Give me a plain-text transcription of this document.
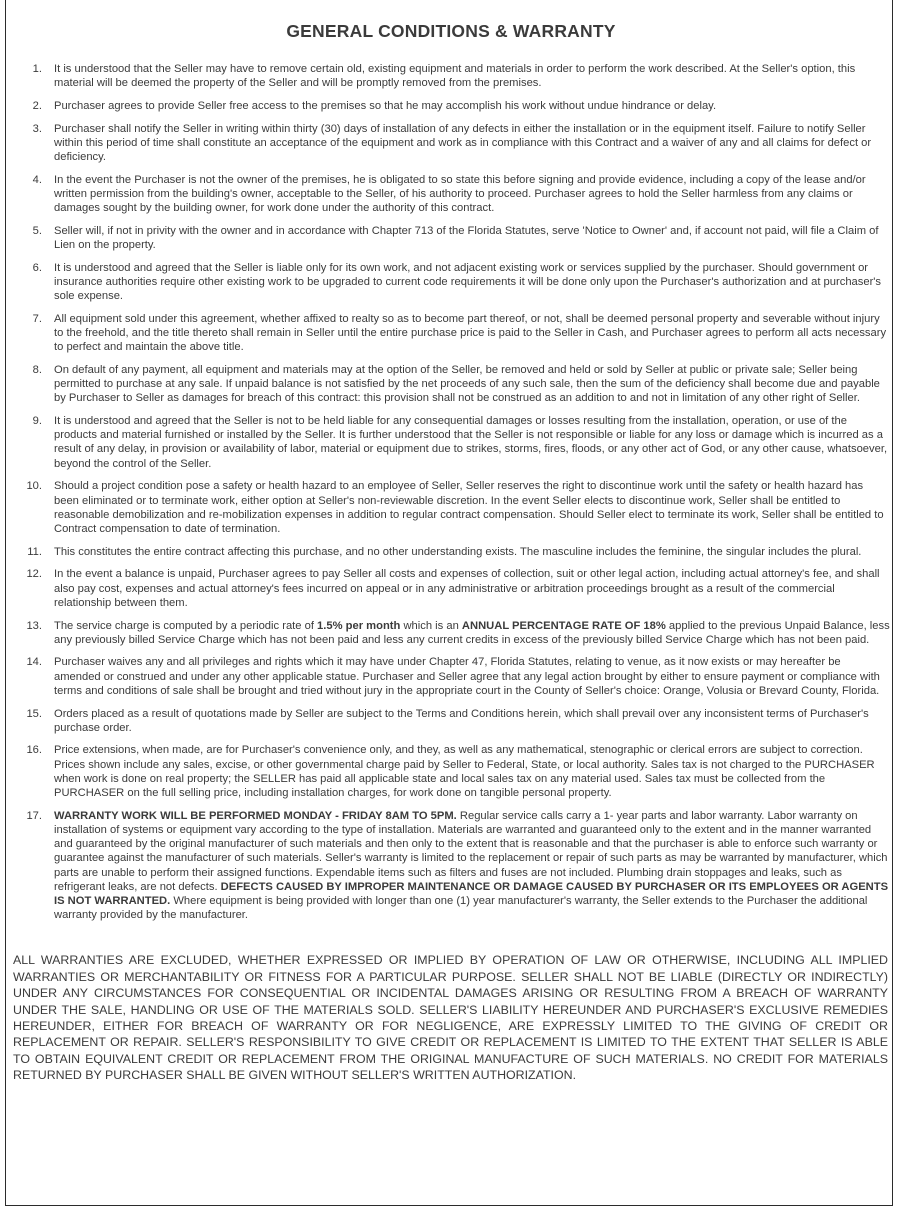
GENERAL CONDITIONS & WARRANTY
1.	It is understood that the Seller may have to remove certain old, existing equipment and materials in order to perform the work described. At the Seller's option, this material will be deemed the property of the Seller and will be promptly removed from the premises.
2.	Purchaser agrees to provide Seller free access to the premises so that he may accomplish his work without undue hindrance or delay.
3.	Purchaser shall notify the Seller in writing within thirty (30) days of installation of any defects in either the installation or in the equipment itself. Failure to notify Seller within this period of time shall constitute an acceptance of the equipment and work as in compliance with this Contract and a waiver of any and all claims for defect or deficiency.
4.	In the event the Purchaser is not the owner of the premises, he is obligated to so state this before signing and provide evidence, including a copy of the lease and/or written permission from the building's owner, acceptable to the Seller, of his authority to proceed. Purchaser agrees to hold the Seller harmless from any claims or damages sought by the building owner, for work done under the authority of this contract.
5.	Seller will, if not in privity with the owner and in accordance with Chapter 713 of the Florida Statutes, serve 'Notice to Owner' and, if account not paid, will file a Claim of Lien on the property.
6.	It is understood and agreed that the Seller is liable only for its own work, and not adjacent existing work or services supplied by the purchaser. Should government or insurance authorities require other existing work to be upgraded to current code requirements it will be done only upon the Purchaser's authorization and at purchaser's sole expense.
7.	All equipment sold under this agreement, whether affixed to realty so as to become part thereof, or not, shall be deemed personal property and severable without injury to the freehold, and the title thereto shall remain in Seller until the entire purchase price is paid to the Seller in Cash, and Purchaser agrees to perform all acts necessary to perfect and maintain the above title.
8.	On default of any payment, all equipment and materials may at the option of the Seller, be removed and held or sold by Seller at public or private sale; Seller being permitted to purchase at any sale. If unpaid balance is not satisfied by the net proceeds of any such sale, then the sum of the deficiency shall become due and payable by Purchaser to Seller as damages for breach of this contract: this provision shall not be construed as an addition to and not in limitation of any other right of Seller.
9.	It is understood and agreed that the Seller is not to be held liable for any consequential damages or losses resulting from the installation, operation, or use of the products and material furnished or installed by the Seller. It is further understood that the Seller is not responsible or liable for any loss or damage which is incurred as a result of any delay, in provision or availability of labor, material or equipment due to strikes, storms, fires, floods, or any other act of God, or any other cause, whatsoever, beyond the control of the Seller.
10.	Should a project condition pose a safety or health hazard to an employee of Seller, Seller reserves the right to discontinue work until the safety or health hazard has been eliminated or to terminate work, either option at Seller's non-reviewable discretion. In the event Seller elects to discontinue work, Seller shall be entitled to reasonable demobilization and re-mobilization expenses in addition to regular contract compensation. Should Seller elect to terminate its work, Seller shall be entitled to Contract compensation to date of termination.
11.	This constitutes the entire contract affecting this purchase, and no other understanding exists. The masculine includes the feminine, the singular includes the plural.
12.	In the event a balance is unpaid, Purchaser agrees to pay Seller all costs and expenses of collection, suit or other legal action, including actual attorney's fee, and shall also pay cost, expenses and actual attorney's fees incurred on appeal or in any administrative or arbitration proceedings brought as a result of the commercial relationship between them.
13.	The service charge is computed by a periodic rate of 1.5% per month which is an ANNUAL PERCENTAGE RATE OF 18% applied to the previous Unpaid Balance, less any previously billed Service Charge which has not been paid and less any current credits in excess of the previously billed Service Charge which has not been paid.
14.	Purchaser waives any and all privileges and rights which it may have under Chapter 47, Florida Statutes, relating to venue, as it now exists or may hereafter be amended or construed and under any other applicable statue. Purchaser and Seller agree that any legal action brought by either to ensure payment or compliance with terms and conditions of sale shall be brought and tried without jury in the appropriate court in the County of Seller's choice: Orange, Volusia or Brevard County, Florida.
15.	Orders placed as a result of quotations made by Seller are subject to the Terms and Conditions herein, which shall prevail over any inconsistent terms of Purchaser's purchase order.
16.	Price extensions, when made, are for Purchaser's convenience only, and they, as well as any mathematical, stenographic or clerical errors are subject to correction. Prices shown include any sales, excise, or other governmental charge paid by Seller to Federal, State, or local authority. Sales tax is not charged to the PURCHASER when work is done on real property; the SELLER has paid all applicable state and local sales tax on any material used. Sales tax must be collected from the PURCHASER on the full selling price, including installation charges, for work done on tangible personal property.
17.	WARRANTY WORK WILL BE PERFORMED MONDAY - FRIDAY 8AM TO 5PM. Regular service calls carry a 1- year parts and labor warranty. Labor warranty on installation of systems or equipment vary according to the type of installation. Materials are warranted and guaranteed only to the extent and in the manner warranted and guaranteed by the original manufacturer of such materials and then only to the extent that is reasonable and that the purchaser is able to enforce such warranty or guarantee against the manufacturer of such materials. Seller's warranty is limited to the replacement or repair of such parts as may be warranted by manufacturer, which parts are unable to perform their assigned functions. Expendable items such as filters and fuses are not included. Plumbing drain stoppages and leaks, such as refrigerant leaks, are not defects. DEFECTS CAUSED BY IMPROPER MAINTENANCE OR DAMAGE CAUSED BY PURCHASER OR ITS EMPLOYEES OR AGENTS IS NOT WARRANTED. Where equipment is being provided with longer than one (1) year manufacturer's warranty, the Seller extends to the Purchaser the additional warranty provided by the manufacturer.

ALL WARRANTIES ARE EXCLUDED, WHETHER EXPRESSED OR IMPLIED BY OPERATION OF LAW OR OTHERWISE, INCLUDING ALL IMPLIED WARRANTIES OR MERCHANTABILITY OR FITNESS FOR A PARTICULAR PURPOSE. SELLER SHALL NOT BE LIABLE (DIRECTLY OR INDIRECTLY) UNDER ANY CIRCUMSTANCES FOR CONSEQUENTIAL OR INCIDENTAL DAMAGES ARISING OR RESULTING FROM A BREACH OF WARRANTY UNDER THE SALE, HANDLING OR USE OF THE MATERIALS SOLD. SELLER'S LIABILITY HEREUNDER AND PURCHASER'S EXCLUSIVE REMEDIES HEREUNDER, EITHER FOR BREACH OF WARRANTY OR FOR NEGLIGENCE, ARE EXPRESSLY LIMITED TO THE GIVING OF CREDIT OR REPLACEMENT OR REPAIR. SELLER'S RESPONSIBILITY TO GIVE CREDIT OR REPLACEMENT IS LIMITED TO THE EXTENT THAT SELLER IS ABLE TO OBTAIN EQUIVALENT CREDIT OR REPLACEMENT FROM THE ORIGINAL MANUFACTURE OF SUCH MATERIALS. NO CREDIT FOR MATERIALS RETURNED BY PURCHASER SHALL BE GIVEN WITHOUT SELLER'S WRITTEN AUTHORIZATION.
